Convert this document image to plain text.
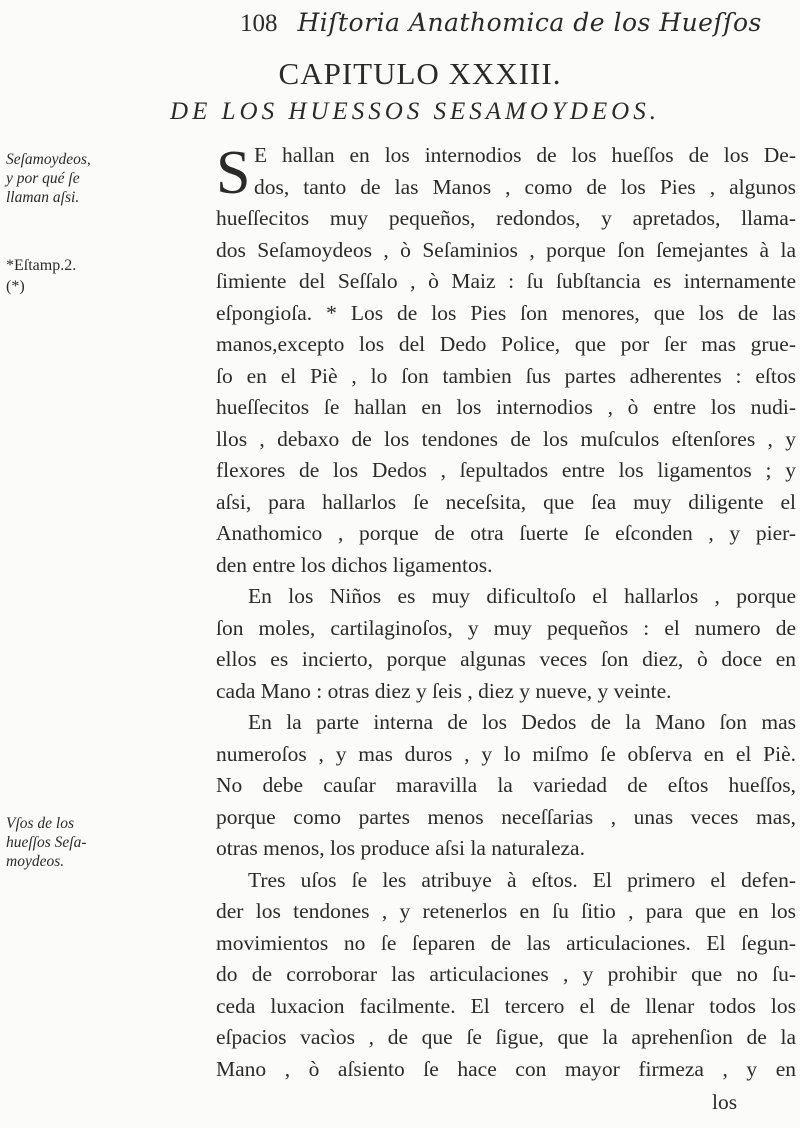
108 Hiſtoria Anathomica de los Hueſſos
CAPITULO XXXIII.
DE LOS HUESSOS SESAMOYDEOS.
Seſamoydeos,
y por qué ſe
llaman aſsi.
*Eſtamp.2.
(*)
Vſos de los
hueſſos Seſa-
moydeos.
S E hallan en los internodios de los hueſſos de los De-
dos, tanto de las Manos , como de los Pies , algunos
hueſſecitos muy pequeños, redondos, y apretados, llama-
dos Seſamoydeos , ò Seſaminios , porque ſon ſemejantes à la
ſimiente del Seſſalo , ò Maiz : ſu ſubſtancia es internamente
eſpongioſa. * Los de los Pies ſon menores, que los de las
manos,excepto los del Dedo Police, que por ſer mas grue-
ſo en el Piè , lo ſon tambien ſus partes adherentes : eſtos
hueſſecitos ſe hallan en los internodios , ò entre los nudi-
llos , debaxo de los tendones de los muſculos eſtenſores , y
flexores de los Dedos , ſepultados entre los ligamentos ; y
aſsi, para hallarlos ſe neceſsita, que ſea muy diligente el
Anathomico , porque de otra ſuerte ſe eſconden , y pier-
den entre los dichos ligamentos.
En los Niños es muy dificultoſo el hallarlos , porque
ſon moles, cartilaginoſos, y muy pequeños : el numero de
ellos es incierto, porque algunas veces ſon diez, ò doce en
cada Mano : otras diez y ſeis , diez y nueve, y veinte.
En la parte interna de los Dedos de la Mano ſon mas
numeroſos , y mas duros , y lo miſmo ſe obſerva en el Piè.
No debe cauſar maravilla la variedad de eſtos hueſſos,
porque como partes menos neceſſarias , unas veces mas,
otras menos, los produce aſsi la naturaleza.
Tres uſos ſe les atribuye à eſtos. El primero el defen-
der los tendones , y retenerlos en ſu ſitio , para que en los
movimientos no ſe ſeparen de las articulaciones. El ſegun-
do de corroborar las articulaciones , y prohibir que no ſu-
ceda luxacion facilmente. El tercero el de llenar todos los
eſpacios vacìos , de que ſe ſigue, que la aprehenſion de la
Mano , ò aſsiento ſe hace con mayor firmeza , y en
los
